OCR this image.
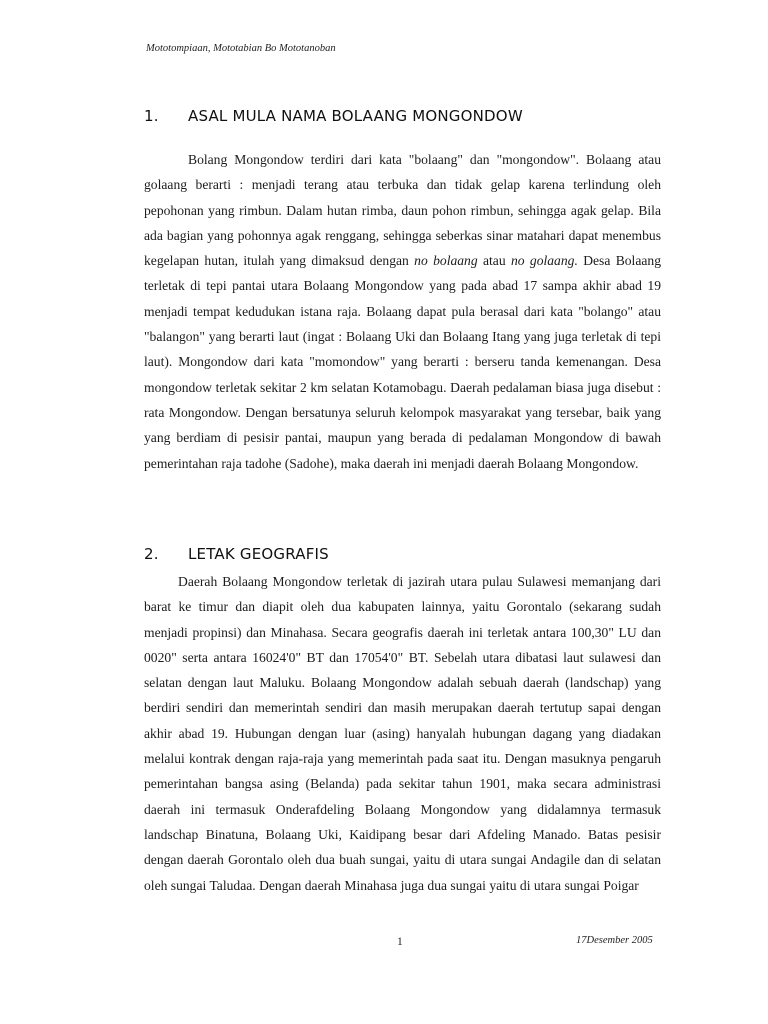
Mototompiaan, Mototabian Bo Mototanoban
1. ASAL MULA NAMA BOLAANG MONGONDOW

Bolang Mongondow terdiri dari kata "bolaang" dan "mongondow". Bolaang atau golaang berarti : menjadi terang atau terbuka dan tidak gelap karena terlindung oleh pepohonan yang rimbun. Dalam hutan rimba, daun pohon rimbun, sehingga agak gelap. Bila ada bagian yang pohonnya agak renggang, sehingga seberkas sinar matahari dapat menembus kegelapan hutan, itulah yang dimaksud dengan no bolaang atau no golaang. Desa Bolaang terletak di tepi pantai utara Bolaang Mongondow yang pada abad 17 sampa akhir abad 19 menjadi tempat kedudukan istana raja. Bolaang dapat pula berasal dari kata "bolango" atau "balangon" yang berarti laut (ingat : Bolaang Uki dan Bolaang Itang yang juga terletak di tepi laut). Mongondow dari kata "momondow" yang berarti : berseru tanda kemenangan. Desa mongondow terletak sekitar 2 km selatan Kotamobagu. Daerah pedalaman biasa juga disebut : rata Mongondow. Dengan bersatunya seluruh kelompok masyarakat yang tersebar, baik yang yang berdiam di pesisir pantai, maupun yang berada di pedalaman Mongondow di bawah pemerintahan raja tadohe (Sadohe), maka daerah ini menjadi daerah Bolaang Mongondow.

2. LETAK GEOGRAFIS

Daerah Bolaang Mongondow terletak di jazirah utara pulau Sulawesi memanjang dari barat ke timur dan diapit oleh dua kabupaten lainnya, yaitu Gorontalo (sekarang sudah menjadi propinsi) dan Minahasa. Secara geografis daerah ini terletak antara 100,30" LU dan 0020" serta antara 16024'0" BT dan 17054'0" BT. Sebelah utara dibatasi laut sulawesi dan selatan dengan laut Maluku. Bolaang Mongondow adalah sebuah daerah (landschap) yang berdiri sendiri dan memerintah sendiri dan masih merupakan daerah tertutup sapai dengan akhir abad 19. Hubungan dengan luar (asing) hanyalah hubungan dagang yang diadakan melalui kontrak dengan raja-raja yang memerintah pada saat itu. Dengan masuknya pengaruh pemerintahan bangsa asing (Belanda) pada sekitar tahun 1901, maka secara administrasi daerah ini termasuk Onderafdeling Bolaang Mongondow yang didalamnya termasuk landschap Binatuna, Bolaang Uki, Kaidipang besar dari Afdeling Manado. Batas pesisir dengan daerah Gorontalo oleh dua buah sungai, yaitu di utara sungai Andagile dan di selatan oleh sungai Taludaa. Dengan daerah Minahasa juga dua sungai yaitu di utara sungai Poigar

1	17Desember 2005
